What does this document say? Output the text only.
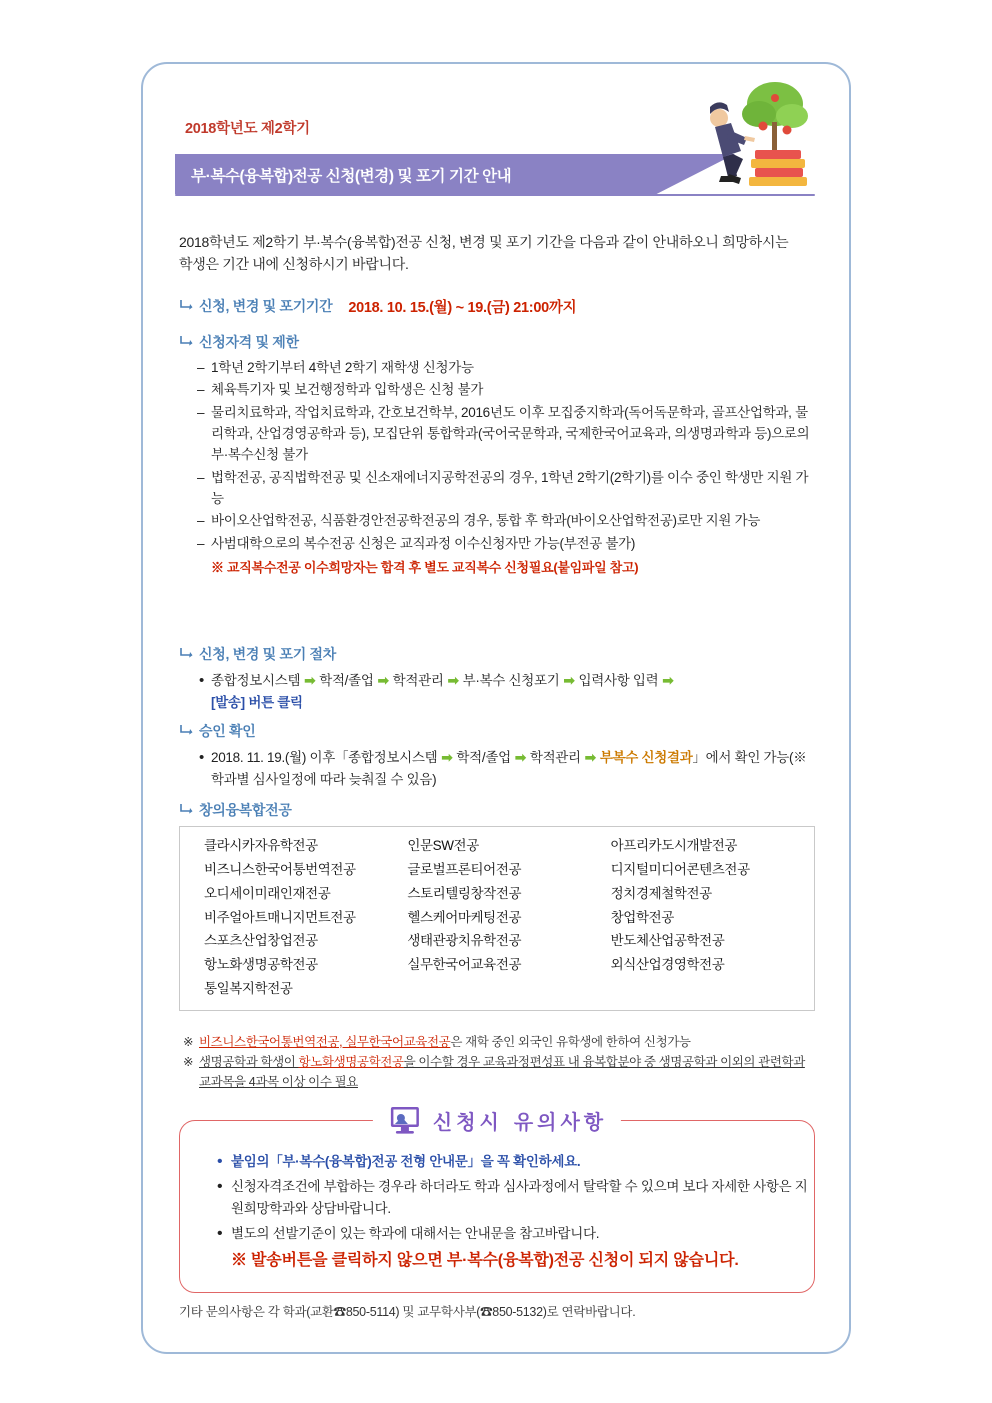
2018학년도 제2학기
부·복수(융복합)전공 신청(변경) 및 포기 기간 안내
2018학년도 제2학기 부·복수(융복합)전공 신청, 변경 및 포기 기간을 다음과 같이 안내하오니 희망하시는 학생은 기간 내에 신청하시기 바랍니다.
신청, 변경 및 포기기간 2018. 10. 15.(월) ~ 19.(금) 21:00까지
신청자격 및 제한
– 1학년 2학기부터 4학년 2학기 재학생 신청가능
– 체육특기자 및 보건행정학과 입학생은 신청 불가
– 물리치료학과, 작업치료학과, 간호보건학부, 2016년도 이후 모집중지학과(독어독문학과, 골프산업학과, 물리학과, 산업경영공학과 등), 모집단위 통합학과(국어국문학과, 국제한국어교육과, 의생명과학과 등)으로의 부·복수신청 불가
– 법학전공, 공직법학전공 및 신소재에너지공학전공의 경우, 1학년 2학기(2학기)를 이수 중인 학생만 지원 가능
– 바이오산업학전공, 식품환경안전공학전공의 경우, 통합 후 학과(바이오산업학전공)로만 지원 가능
– 사범대학으로의 복수전공 신청은 교직과정 이수신청자만 가능(부전공 불가)
※ 교직복수전공 이수희망자는 합격 후 별도 교직복수 신청필요(붙임파일 참고)
신청, 변경 및 포기 절차
• 종합정보시스템 ➡ 학적/졸업 ➡ 학적관리 ➡ 부·복수 신청포기 ➡ 입력사항 입력 ➡
[발송] 버튼 클릭
승인 확인
• 2018. 11. 19.(월) 이후「종합정보시스템 ➡ 학적/졸업 ➡ 학적관리 ➡ 부복수 신청결과」에서 확인 가능(※학과별 심사일정에 따라 늦춰질 수 있음)
창의융복합전공
클라시카자유학전공	인문SW전공	아프리카도시개발전공
비즈니스한국어통번역전공	글로벌프론티어전공	디지털미디어콘텐츠전공
오디세이미래인재전공	스토리텔링창작전공	정치경제철학전공
비주얼아트매니지먼트전공	헬스케어마케팅전공	창업학전공
스포츠산업창업전공	생태관광치유학전공	반도체산업공학전공
항노화생명공학전공	실무한국어교육전공	외식산업경영학전공
통일복지학전공
※ 비즈니스한국어통번역전공, 실무한국어교육전공은 재학 중인 외국인 유학생에 한하여 신청가능
※ 생명공학과 학생이 항노화생명공학전공을 이수할 경우 교육과정편성표 내 융복합분야 중 생명공학과 이외의 관련학과 교과목을 4과목 이상 이수 필요
신청시 유의사항
• 붙임의「부·복수(융복합)전공 전형 안내문」을 꼭 확인하세요.
• 신청자격조건에 부합하는 경우라 하더라도 학과 심사과정에서 탈락할 수 있으며 보다 자세한 사항은 지원희망학과와 상담바랍니다.
• 별도의 선발기준이 있는 학과에 대해서는 안내문을 참고바랍니다.
※ 발송버튼을 클릭하지 않으면 부·복수(융복합)전공 신청이 되지 않습니다.
기타 문의사항은 각 학과(교환☎850-5114) 및 교무학사부(☎850-5132)로 연락바랍니다.
